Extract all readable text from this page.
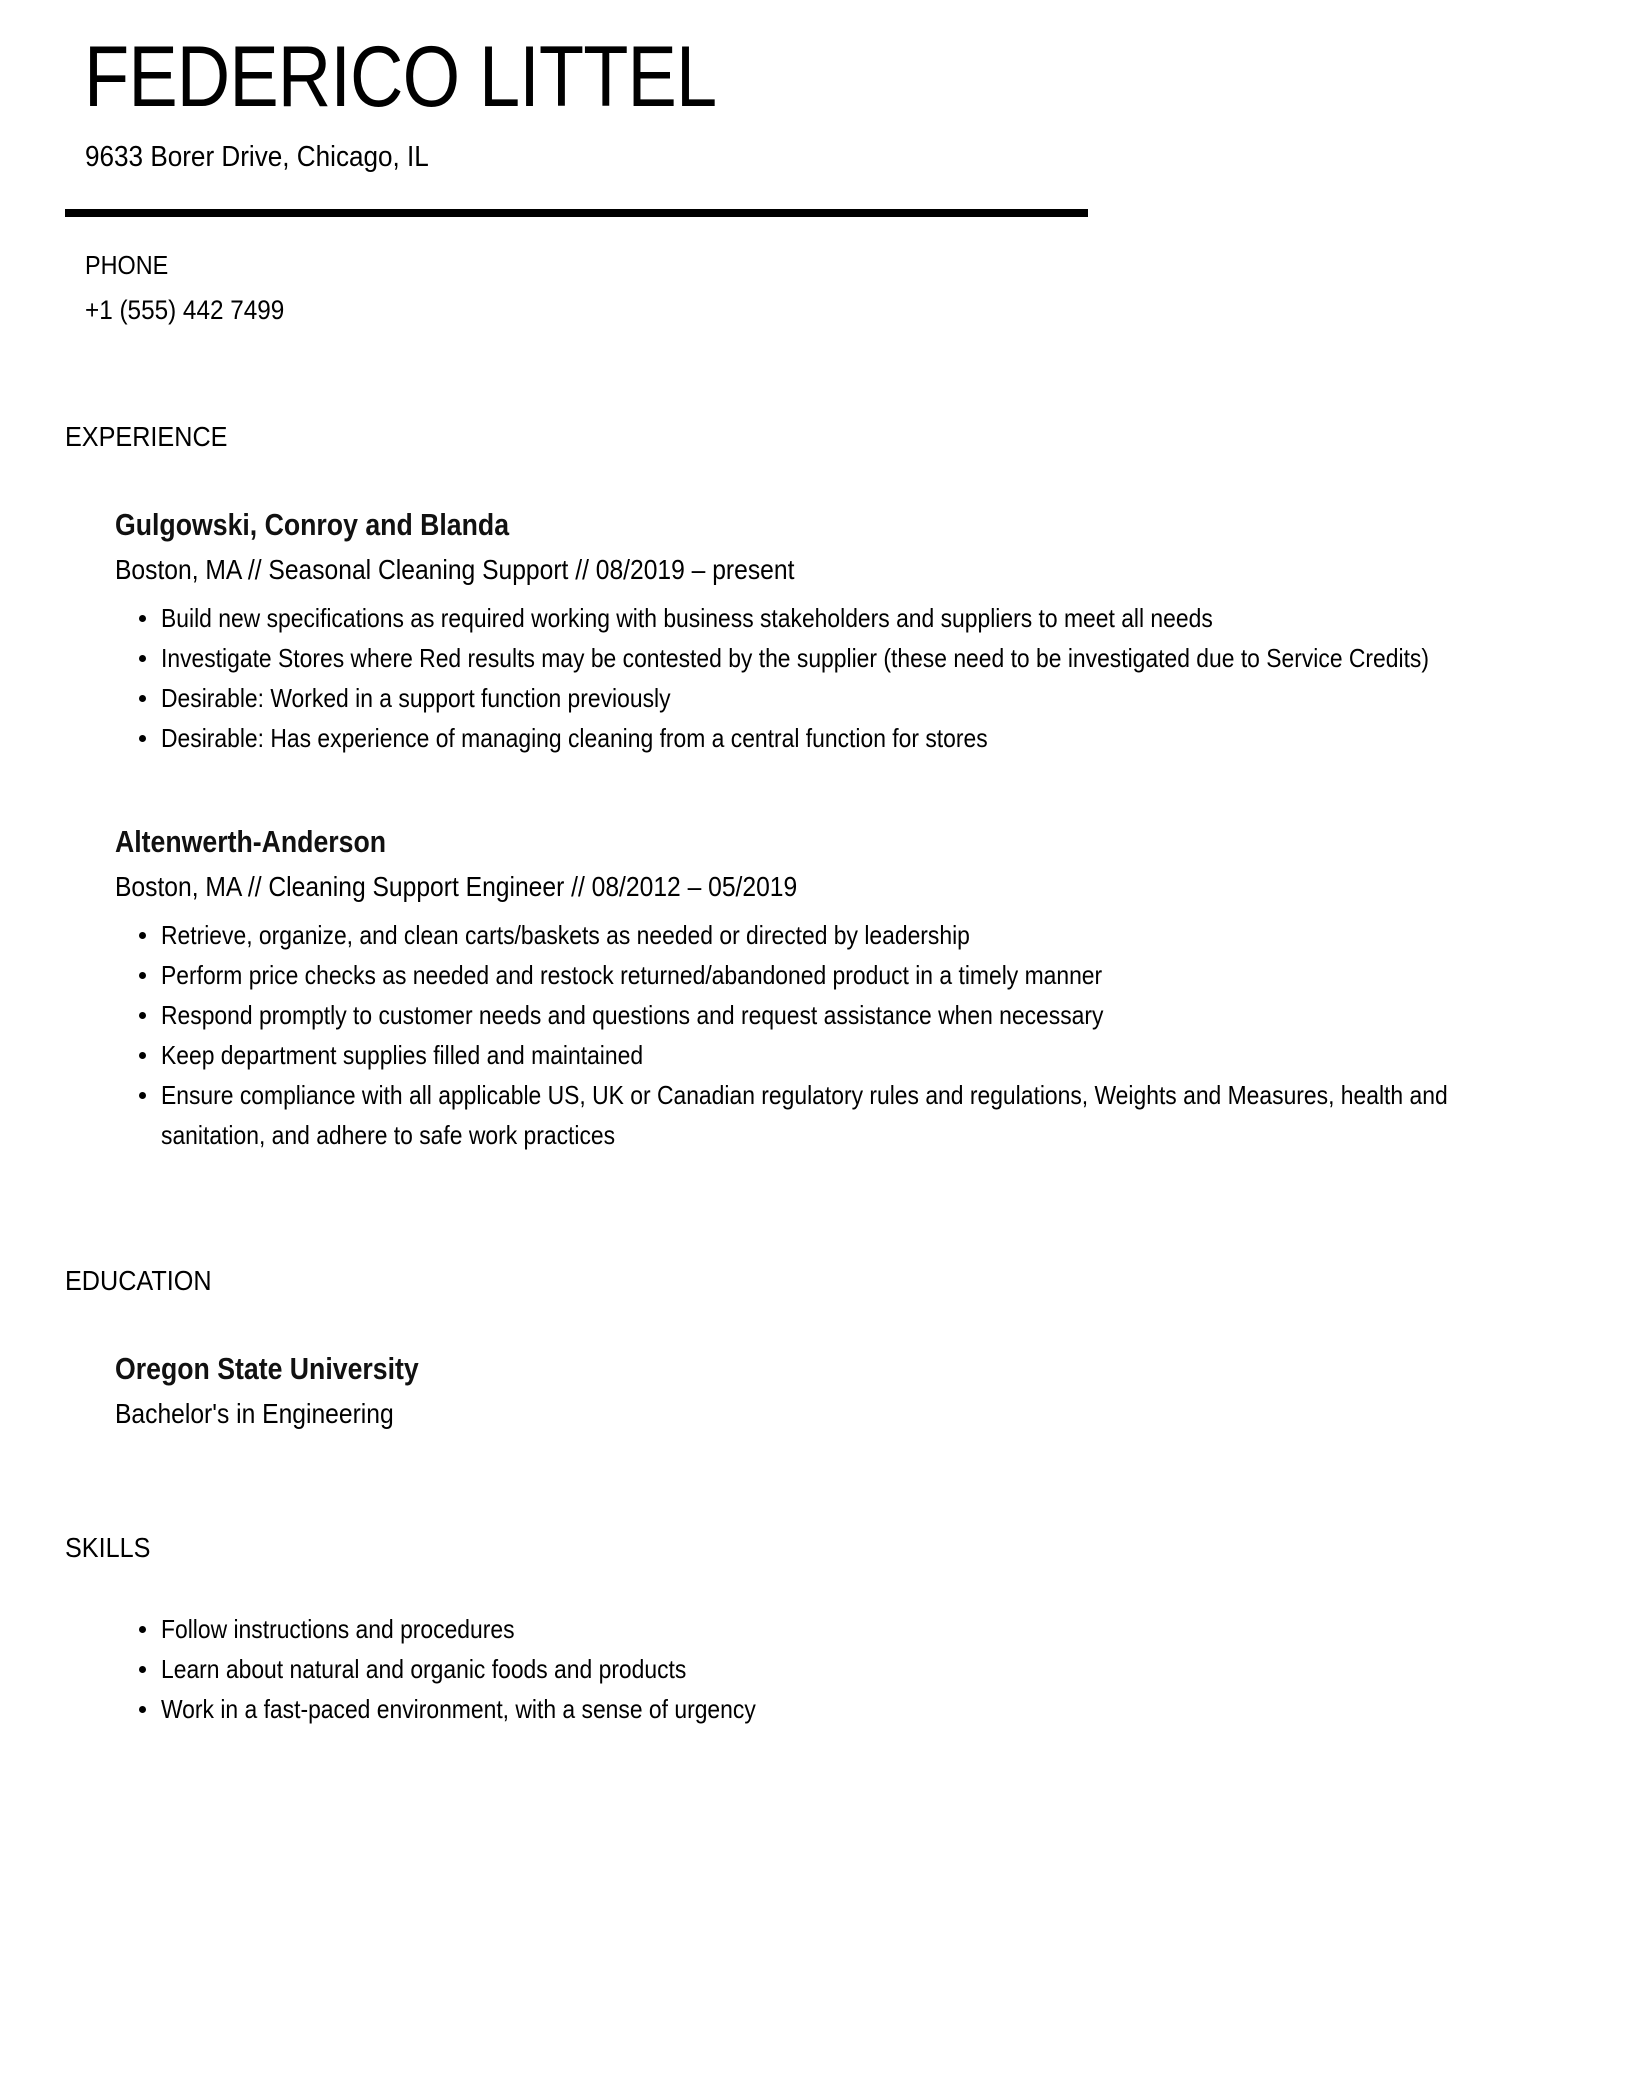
FEDERICO LITTEL
9633 Borer Drive, Chicago, IL
PHONE
+1 (555) 442 7499
EXPERIENCE
Gulgowski, Conroy and Blanda
Boston, MA // Seasonal Cleaning Support // 08/2019 – present
Build new specifications as required working with business stakeholders and suppliers to meet all needs
Investigate Stores where Red results may be contested by the supplier (these need to be investigated due to Service Credits)
Desirable: Worked in a support function previously
Desirable: Has experience of managing cleaning from a central function for stores
Altenwerth-Anderson
Boston, MA // Cleaning Support Engineer // 08/2012 – 05/2019
Retrieve, organize, and clean carts/baskets as needed or directed by leadership
Perform price checks as needed and restock returned/abandoned product in a timely manner
Respond promptly to customer needs and questions and request assistance when necessary
Keep department supplies filled and maintained
Ensure compliance with all applicable US, UK or Canadian regulatory rules and regulations, Weights and Measures, health and sanitation, and adhere to safe work practices
EDUCATION
Oregon State University
Bachelor's in Engineering
SKILLS
Follow instructions and procedures
Learn about natural and organic foods and products
Work in a fast-paced environment, with a sense of urgency
